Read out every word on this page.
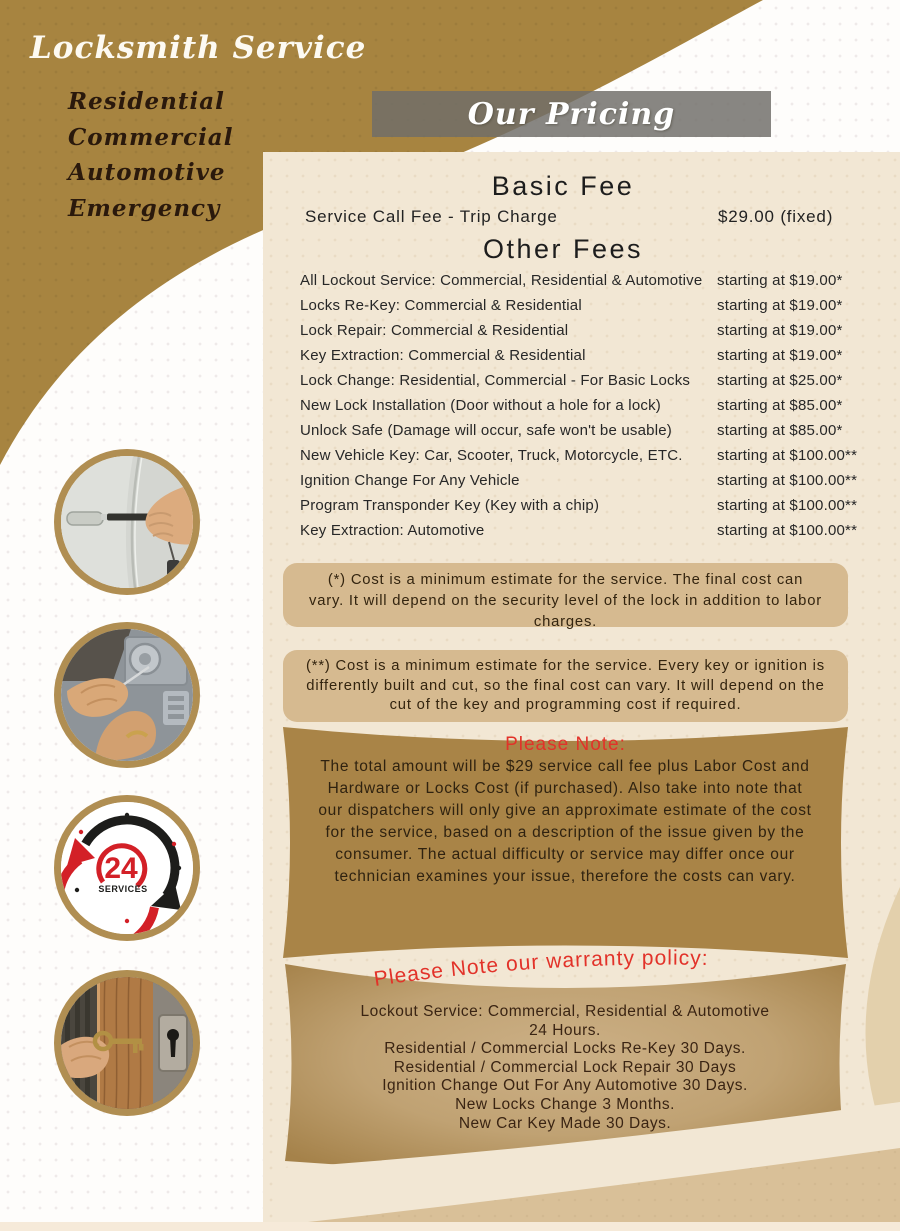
Locksmith Service
Residential
Commercial
Automotive
Emergency
Our Pricing
Basic Fee
Service Call Fee - Trip Charge	$29.00 (fixed)
Other Fees
All Lockout Service: Commercial, Residential & Automotive starting at $19.00*
Locks Re-Key: Commercial & Residential	starting at $19.00*
Lock Repair: Commercial & Residential	starting at $19.00*
Key Extraction: Commercial & Residential	starting at $19.00*
Lock Change: Residential, Commercial - For Basic Locks	starting at $25.00*
New Lock Installation (Door without a hole for a lock)	starting at $85.00*
Unlock Safe (Damage will occur, safe won't be usable)	starting at $85.00*
New Vehicle Key: Car, Scooter, Truck, Motorcycle, ETC.	starting at $100.00**
Ignition Change For Any Vehicle	starting at $100.00**
Program Transponder Key (Key with a chip)	starting at $100.00**
Key Extraction: Automotive	starting at $100.00**
(*) Cost is a minimum estimate for the service. The final cost can vary. It will depend on the security level of the lock in addition to labor charges.
(**) Cost is a minimum estimate for the service. Every key or ignition is differently built and cut, so the final cost can vary. It will depend on the cut of the key and programming cost if required.
Please Note:
The total amount will be $29 service call fee plus Labor Cost and Hardware or Locks Cost (if purchased). Also take into note that our dispatchers will only give an approximate estimate of the cost for the service, based on a description of the issue given by the consumer. The actual difficulty or service may differ once our technician examines your issue, therefore the costs can vary.
Please Note our warranty policy:
Lockout Service: Commercial, Residential & Automotive
24 Hours.
Residential / Commercial Locks Re-Key 30 Days.
Residential / Commercial Lock Repair 30 Days
Ignition Change Out For Any Automotive 30 Days.
New Locks Change 3 Months.
New Car Key Made 30 Days.
24
SERVICES
